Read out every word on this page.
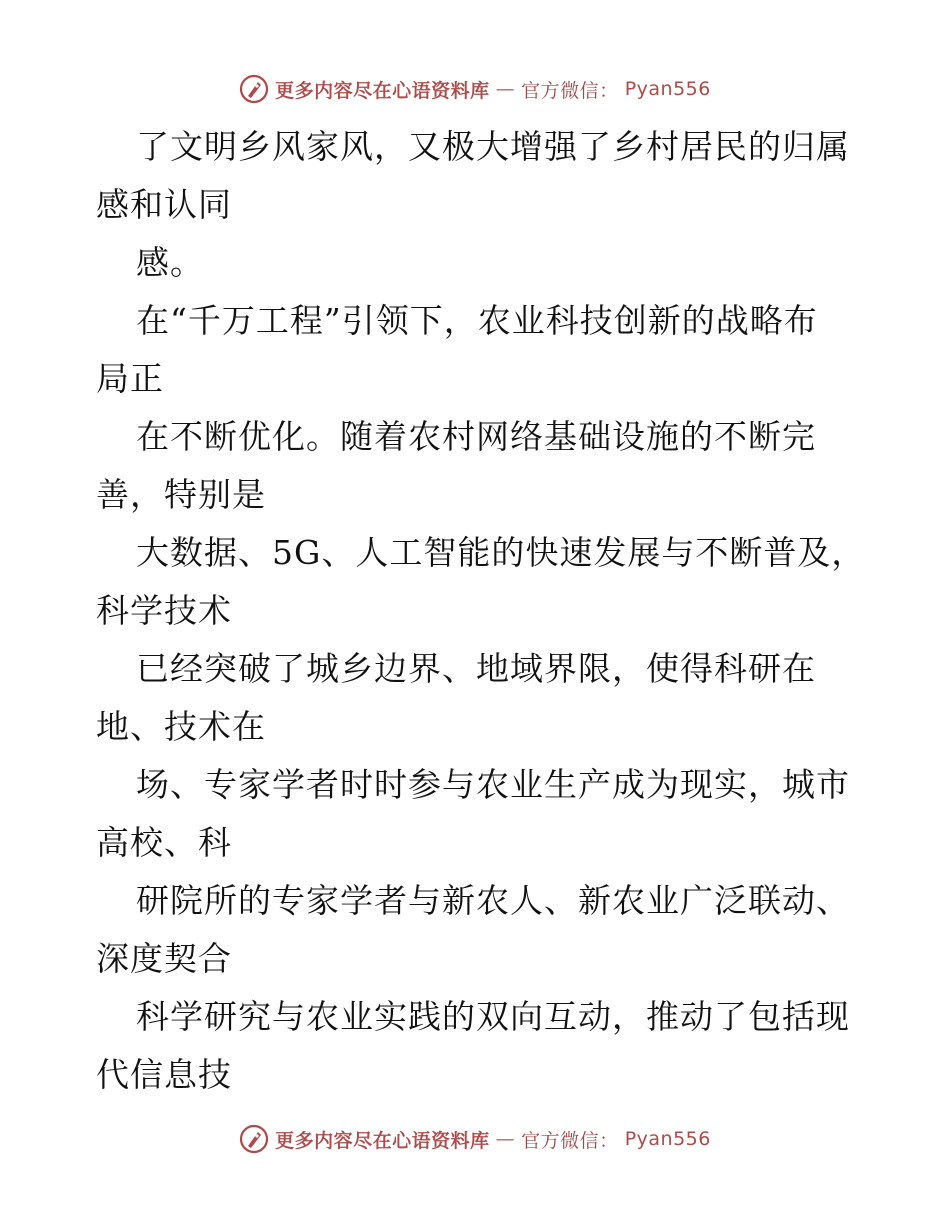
更多内容尽在心语资料库 — 官方微信： Pyan556
了文明乡风家风，又极大增强了乡村居民的归属
感和认同
感。
在“千万工程”引领下，农业科技创新的战略布
局正
在不断优化。随着农村网络基础设施的不断完
善，特别是
大数据、5G、人工智能的快速发展与不断普及，
科学技术
已经突破了城乡边界、地域界限，使得科研在
地、技术在
场、专家学者时时参与农业生产成为现实，城市
高校、科
研院所的专家学者与新农人、新农业广泛联动、
深度契合
科学研究与农业实践的双向互动，推动了包括现
代信息技
更多内容尽在心语资料库 — 官方微信： Pyan556
